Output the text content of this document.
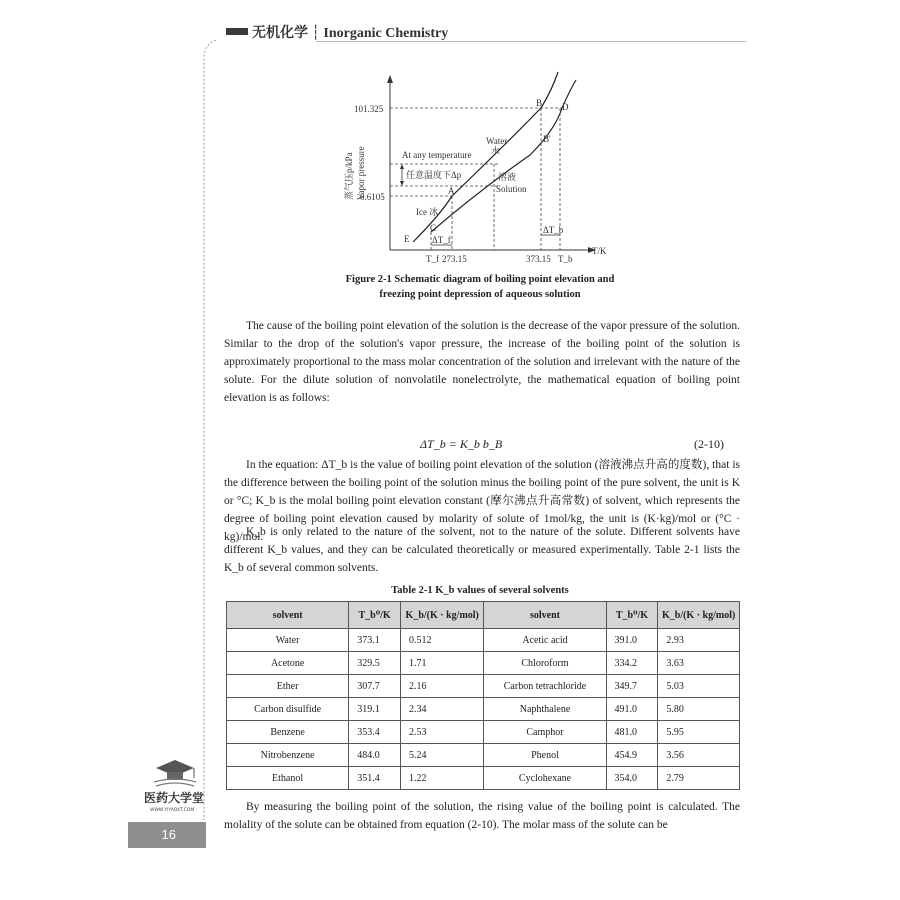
无机化学 ┆ Inorganic Chemistry
蒸气压p/kPa Vapor pressure
101.325
0.6105
Water
水
溶液
Solution
Ice 冰
At any temperature
任意温度下Δp
ΔT_f
ΔT_b
A
B
B'
C
D
E
T_f 273.15	373.15 T_b
T/K
Figure 2-1 Schematic diagram of boiling point elevation and
freezing point depression of aqueous solution
The cause of the boiling point elevation of the solution is the decrease of the vapor pressure of the solution. Similar to the drop of the solution's vapor pressure, the increase of the boiling point of the solution is approximately proportional to the mass molar concentration of the solution and irrelevant with the nature of the solute. For the dilute solution of nonvolatile nonelectrolyte, the mathematical equation of boiling point elevation is as follows:
ΔT_b = K_b b_B	(2-10)
In the equation: ΔT_b is the value of boiling point elevation of the solution (溶液沸点升高的度数), that is the difference between the boiling point of the solution minus the boiling point of the pure solvent, the unit is K or °C; K_b is the molal boiling point elevation constant (摩尔沸点升高常数) of solvent, which represents the degree of boiling point elevation caused by molarity of solute of 1mol/kg, the unit is (K·kg)/mol or (°C · kg)/mol.
K_b is only related to the nature of the solvent, not to the nature of the solute. Different solvents have different K_b values, and they can be calculated theoretically or measured experimentally. Table 2-1 lists the K_b of several common solvents.
Table 2-1 K_b values of several solvents
solvent	T_b⁰/K	K_b/(K · kg/mol)	solvent	T_b⁰/K	K_b/(K · kg/mol)
Water	373.1	0.512	Acetic acid	391.0	2.93
Acetone	329.5	1.71	Chloroform	334.2	3.63
Ether	307.7	2.16	Carbon tetrachloride	349.7	5.03
Carbon disulfide	319.1	2.34	Naphthalene	491.0	5.80
Benzene	353.4	2.53	Camphor	481.0	5.95
Nitrobenzene	484.0	5.24	Phenol	454.9	3.56
Ethanol	351.4	1.22	Cyclohexane	354.0	2.79
By measuring the boiling point of the solution, the rising value of the boiling point is calculated. The molality of the solute can be obtained from equation (2-10). The molar mass of the solute can be
医药大学堂
WWW.YIYAOXT.COM
16
